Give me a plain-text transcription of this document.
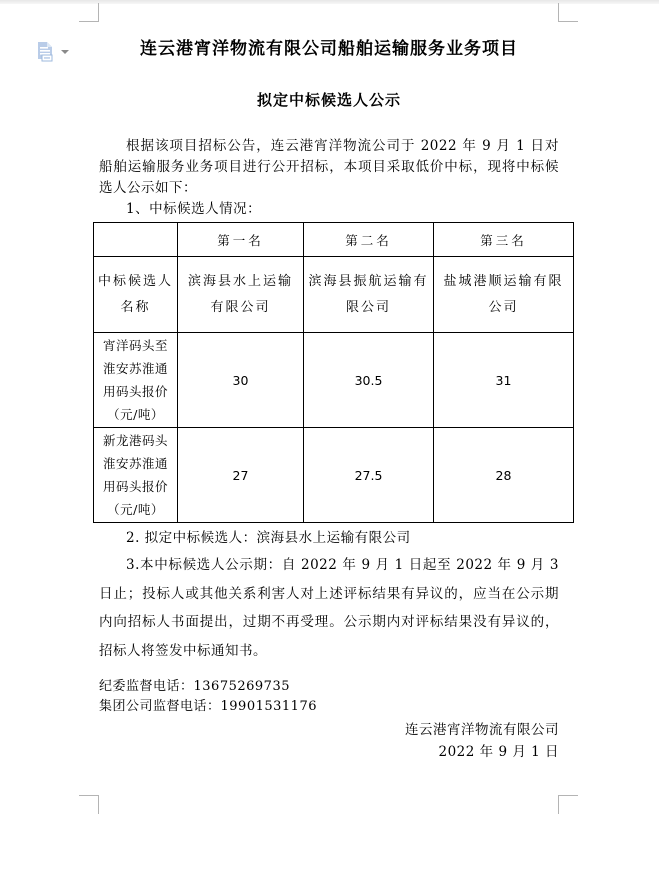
连云港宵洋物流有限公司船舶运输服务业务项目
拟定中标候选人公示

根据该项目招标公告，连云港宵洋物流公司于 2022 年 9 月 1 日对船舶运输服务业务项目进行公开招标，本项目采取低价中标，现将中标候选人公示如下：

1、中标候选人情况：

	第一名	第二名	第三名
中标候选人名称	滨海县水上运输有限公司	滨海县振航运输有限公司	盐城港顺运输有限公司
宵洋码头至淮安苏淮通用码头报价（元/吨）	30	30.5	31
新龙港码头淮安苏淮通用码头报价（元/吨）	27	27.5	28

2. 拟定中标候选人：滨海县水上运输有限公司

3.本中标候选人公示期：自 2022 年 9 月 1 日起至 2022 年 9 月 3 日止；投标人或其他关系利害人对上述评标结果有异议的，应当在公示期内向招标人书面提出，过期不再受理。公示期内对评标结果没有异议的，招标人将签发中标通知书。

纪委监督电话：13675269735

集团公司监督电话：19901531176

连云港宵洋物流有限公司

2022 年 9 月 1 日
